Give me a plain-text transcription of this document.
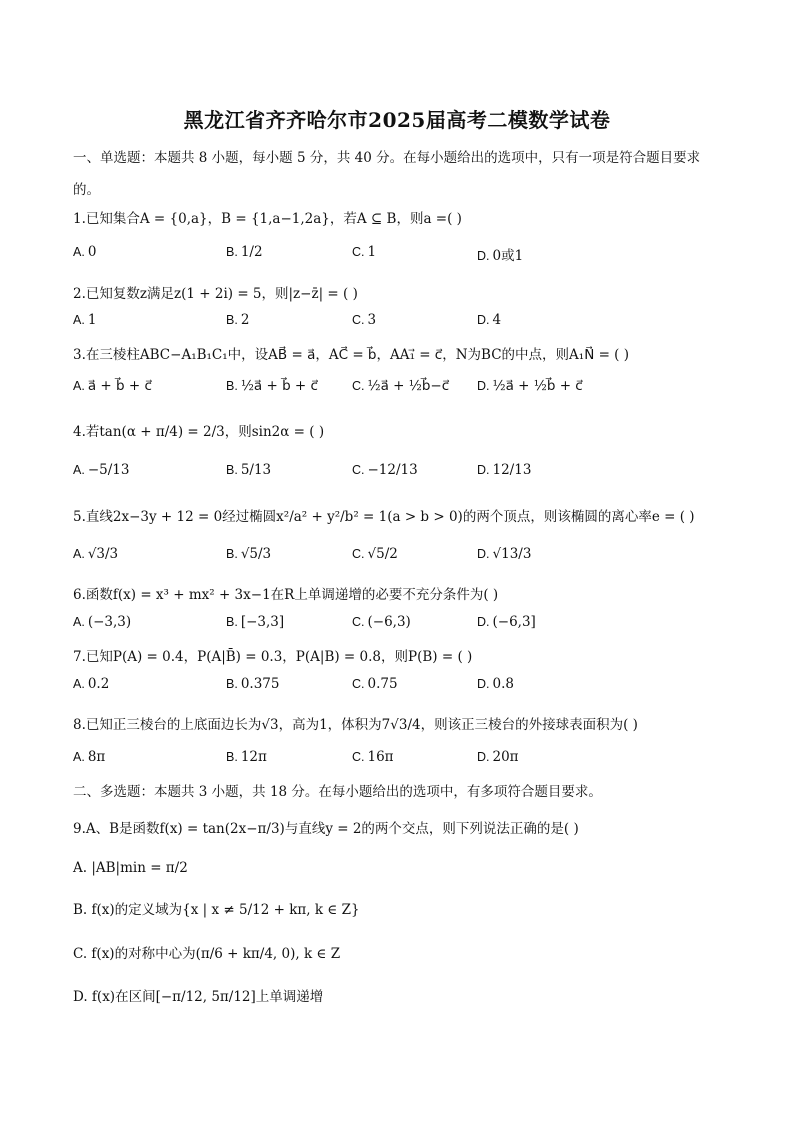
黑龙江省齐齐哈尔市2025届高考二模数学试卷
一、单选题：本题共 8 小题，每小题 5 分，共 40 分。在每小题给出的选项中，只有一项是符合题目要求
的。
1.已知集合A = {0,a}，B = {1,a−1,2a}，若A ⊆ B，则a =( )
A. 0	B. 1/2	C. 1	D. 0或1
2.已知复数z满足z(1 + 2i) = 5，则|z−z̄| = ( )
A. 1	B. 2	C. 3	D. 4
3.在三棱柱ABC−A₁B₁C₁中，设AB⃗ = a⃗，AC⃗ = b⃗，AA₁⃗ = c⃗，N为BC的中点，则A₁N⃗ = ( )
A. a⃗ + b⃗ + c⃗	B. ½a⃗ + b⃗ + c⃗	C. ½a⃗ + ½b⃗−c⃗ D. ½a⃗ + ½b⃗ + c⃗
4.若tan(α + π/4) = 2/3，则sin2α = ( )
A. −5/13	B. 5/13	C. −12/13	D. 12/13
5.直线2x−3y + 12 = 0经过椭圆x²/a² + y²/b² = 1(a > b > 0)的两个顶点，则该椭圆的离心率e = ( )
A. √3/3	B. √5/3	C. √5/2	D. √13/3
6.函数f(x) = x³ + mx² + 3x−1在R上单调递增的必要不充分条件为( )
A. (−3,3)	B. [−3,3]	C. (−6,3)	D. (−6,3]
7.已知P(A) = 0.4，P(A|B̄) = 0.3，P(A|B) = 0.8，则P(B) = ( )
A. 0.2	B. 0.375	C. 0.75	D. 0.8
8.已知正三棱台的上底面边长为√3，高为1，体积为7√3/4，则该正三棱台的外接球表面积为( )
A. 8π	B. 12π	C. 16π	D. 20π
二、多选题：本题共 3 小题，共 18 分。在每小题给出的选项中，有多项符合题目要求。
9.A、B是函数f(x) = tan(2x−π/3)与直线y = 2的两个交点，则下列说法正确的是( )
A. |AB|min = π/2
B. f(x)的定义域为{x | x ≠ 5/12 + kπ, k ∈ Z}
C. f(x)的对称中心为(π/6 + kπ/4, 0), k ∈ Z
D. f(x)在区间[−π/12, 5π/12]上单调递增
